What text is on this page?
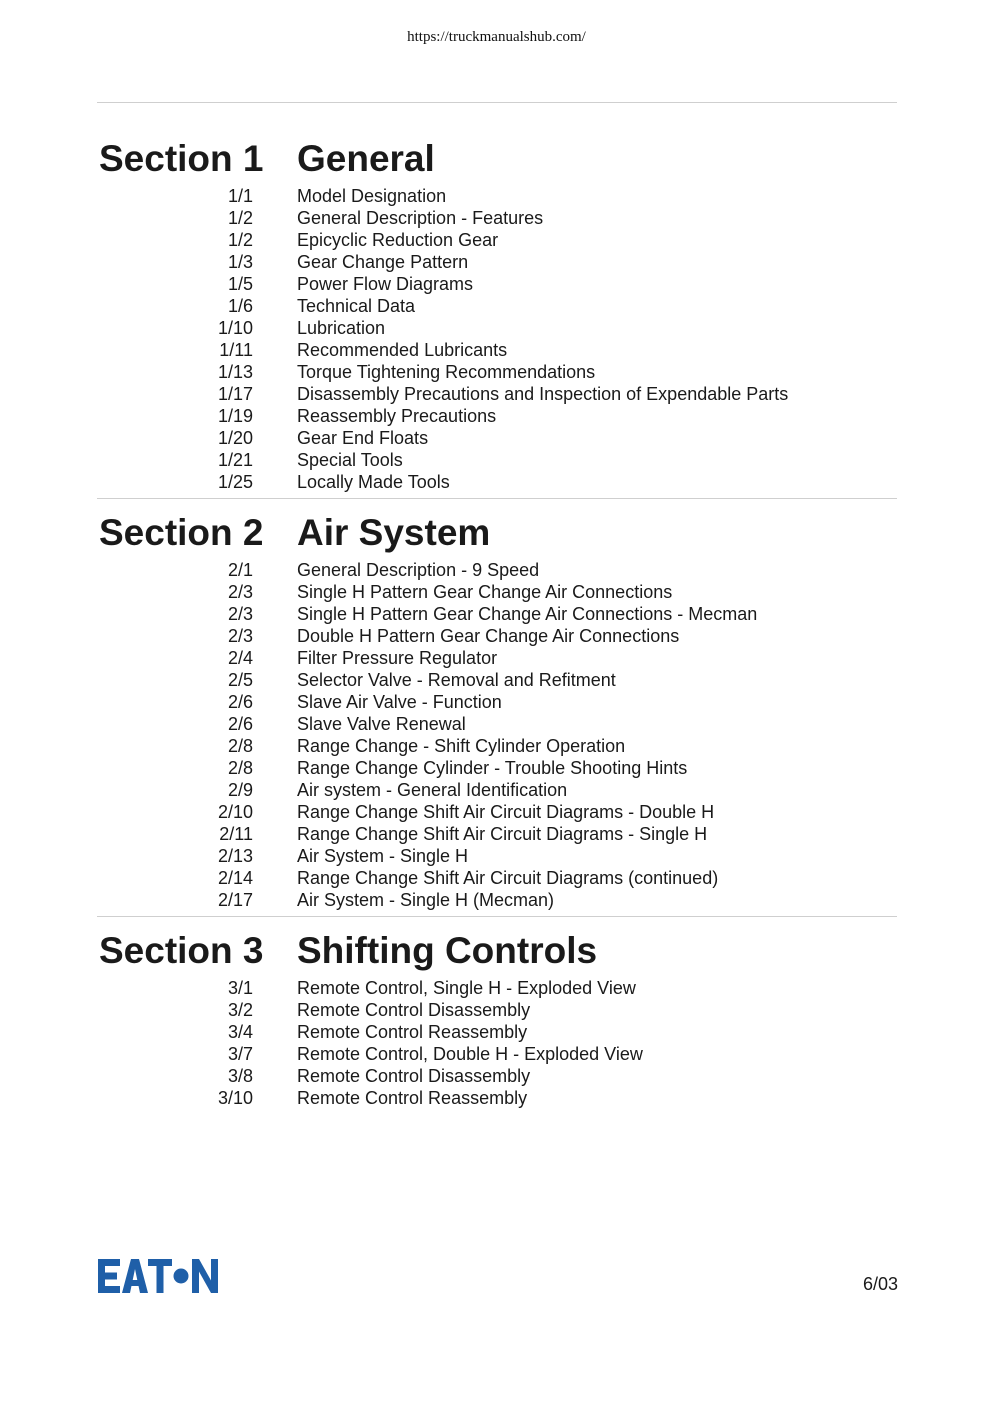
https://truckmanualshub.com/
Section 1 General
1/1 Model Designation
1/2 General Description - Features
1/2 Epicyclic Reduction Gear
1/3 Gear Change Pattern
1/5 Power Flow Diagrams
1/6 Technical Data
1/10 Lubrication
1/11 Recommended Lubricants
1/13 Torque Tightening Recommendations
1/17 Disassembly Precautions and Inspection of Expendable Parts
1/19 Reassembly Precautions
1/20 Gear End Floats
1/21 Special Tools
1/25 Locally Made Tools
Section 2 Air System
2/1 General Description - 9 Speed
2/3 Single H Pattern Gear Change Air Connections
2/3 Single H Pattern Gear Change Air Connections - Mecman
2/3 Double H Pattern Gear Change Air Connections
2/4 Filter Pressure Regulator
2/5 Selector Valve - Removal and Refitment
2/6 Slave Air Valve - Function
2/6 Slave Valve Renewal
2/8 Range Change - Shift Cylinder Operation
2/8 Range Change Cylinder - Trouble Shooting Hints
2/9 Air system - General Identification
2/10 Range Change Shift Air Circuit Diagrams - Double H
2/11 Range Change Shift Air Circuit Diagrams - Single H
2/13 Air System - Single H
2/14 Range Change Shift Air Circuit Diagrams (continued)
2/17 Air System - Single H (Mecman)
Section 3 Shifting Controls
3/1 Remote Control, Single H - Exploded View
3/2 Remote Control Disassembly
3/4 Remote Control Reassembly
3/7 Remote Control, Double H - Exploded View
3/8 Remote Control Disassembly
3/10 Remote Control Reassembly
6/03
